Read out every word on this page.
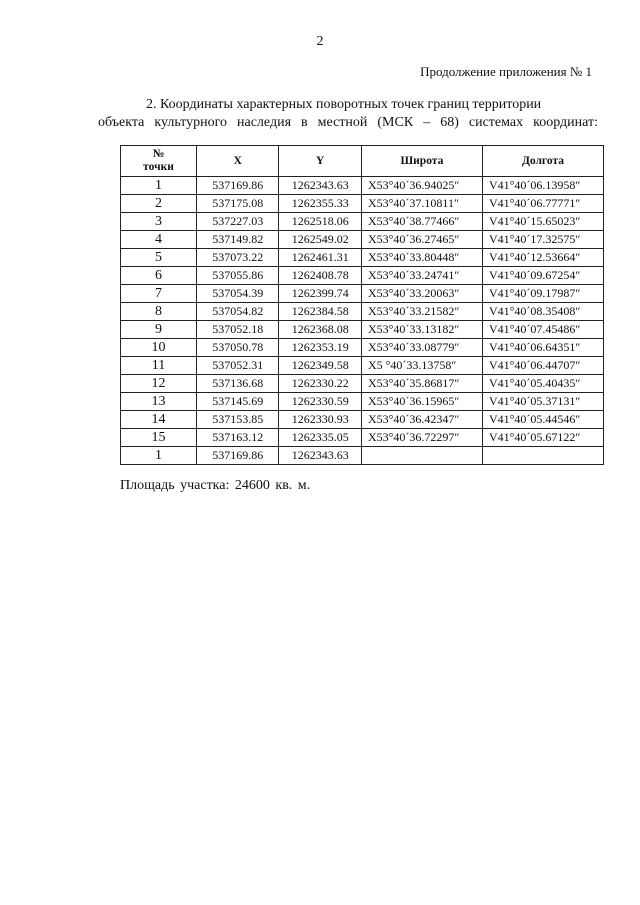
2
Продолжение приложения № 1
2. Координаты характерных поворотных точек границ территории
объекта культурного наследия в местной (МСК – 68) системах координат:
№
точки	X	Y	Широта	Долгота
1	537169.86	1262343.63	X53°40´36.94025″	V41°40´06.13958″
2	537175.08	1262355.33	X53°40´37.10811″	V41°40´06.77771″
3	537227.03	1262518.06	X53°40´38.77466″	V41°40´15.65023″
4	537149.82	1262549.02	X53°40´36.27465″	V41°40´17.32575″
5	537073.22	1262461.31	X53°40´33.80448″	V41°40´12.53664″
6	537055.86	1262408.78	X53°40´33.24741″	V41°40´09.67254″
7	537054.39	1262399.74	X53°40´33.20063″	V41°40´09.17987″
8	537054.82	1262384.58	X53°40´33.21582″	V41°40´08.35408″
9	537052.18	1262368.08	X53°40´33.13182″	V41°40´07.45486″
10	537050.78	1262353.19	X53°40´33.08779″	V41°40´06.64351″
11	537052.31	1262349.58	X5 °40´33.13758″	V41°40´06.44707″
12	537136.68	1262330.22	X53°40´35.86817″	V41°40´05.40435″
13	537145.69	1262330.59	X53°40´36.15965″	V41°40´05.37131″
14	537153.85	1262330.93	X53°40´36.42347″	V41°40´05.44546″
15	537163.12	1262335.05	X53°40´36.72297″	V41°40´05.67122″
1	537169.86	1262343.63		
Площадь участка: 24600 кв. м.
